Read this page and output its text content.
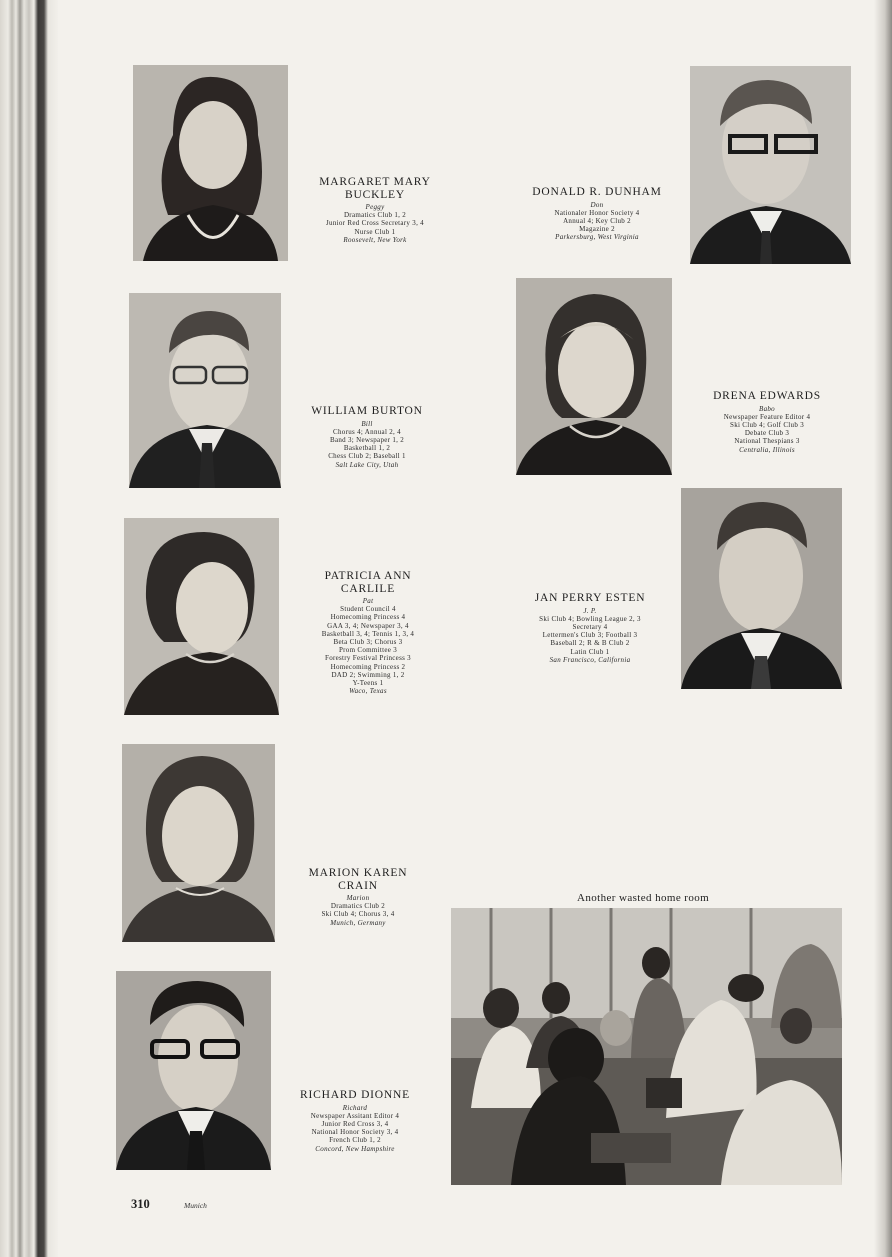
MARGARET MARY
BUCKLEY
Peggy
Dramatics Club 1, 2
Junior Red Cross Secretary 3, 4
Nurse Club 1
Roosevelt, New York
DONALD R. DUNHAM
Don
Nationaler Honor Society 4
Annual 4; Key Club 2
Magazine 2
Parkersburg, West Virginia
WILLIAM BURTON
Bill
Chorus 4; Annual 2, 4
Band 3; Newspaper 1, 2
Basketball 1, 2
Chess Club 2; Baseball 1
Salt Lake City, Utah
DRENA EDWARDS
Babo
Newspaper Feature Editor 4
Ski Club 4; Golf Club 3
Debate Club 3
National Thespians 3
Centralia, Illinois
PATRICIA ANN
CARLILE
Pat
Student Council 4
Homecoming Princess 4
GAA 3, 4; Newspaper 3, 4
Basketball 3, 4; Tennis 1, 3, 4
Beta Club 3; Chorus 3
Prom Committee 3
Forestry Festival Princess 3
Homecoming Princess 2
DAD 2; Swimming 1, 2
Y-Teens 1
Waco, Texas
JAN PERRY ESTEN
J. P.
Ski Club 4; Bowling League 2, 3
Secretary 4
Lettermen's Club 3; Football 3
Baseball 2; R & B Club 2
Latin Club 1
San Francisco, California
MARION KAREN
CRAIN
Marion
Dramatics Club 2
Ski Club 4; Chorus 3, 4
Munich, Germany
RICHARD DIONNE
Richard
Newspaper Assitant Editor 4
Junior Red Cross 3, 4
National Honor Society 3, 4
French Club 1, 2
Concord, New Hampshire
Another wasted home room
310	Munich
